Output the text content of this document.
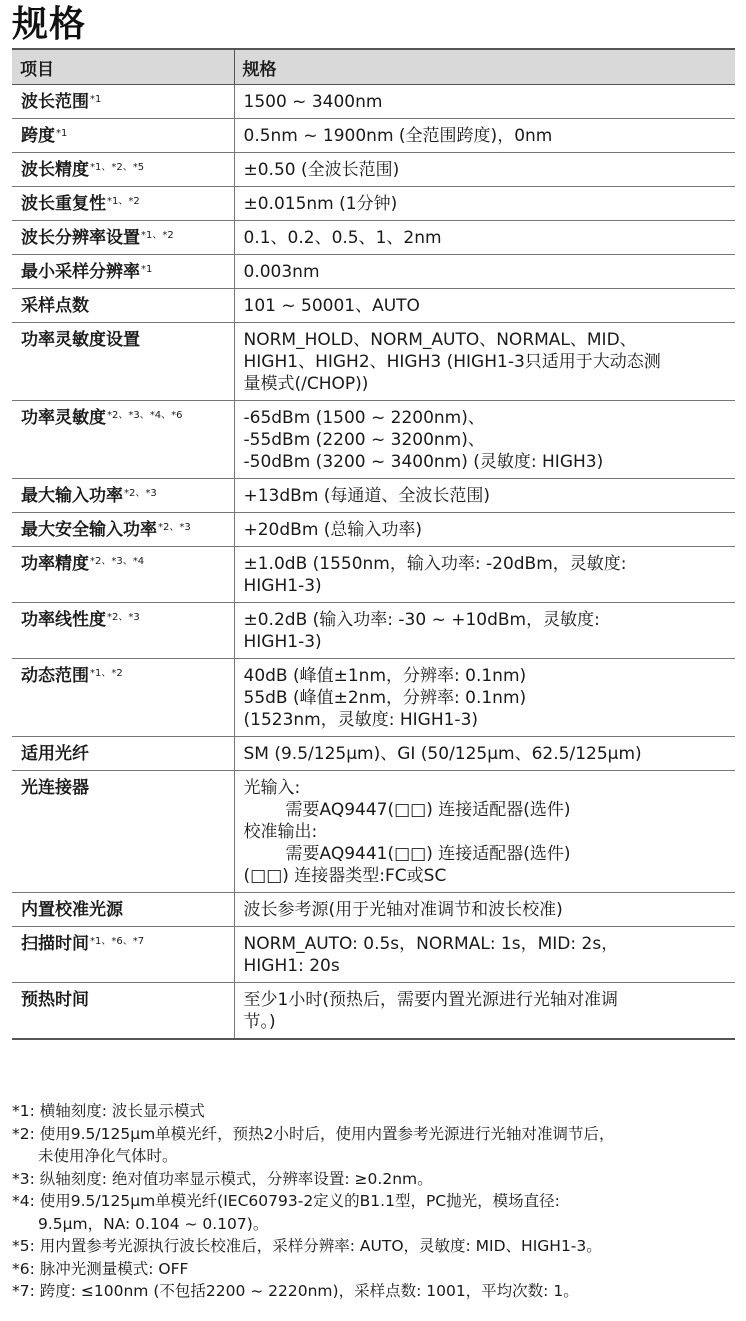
规格
项目	规格
波长范围$^{*1}$	1500 ~ 3400nm

跨度$^{*1}$	0.5nm ~ 1900nm (全范围跨度)，0nm

波长精度$^{*1、*2、*5}$	±0.50 (全波长范围)

波长重复性$^{*1、*2}$	±0.015nm (1分钟)

波长分辨率设置$^{*1、*2}$	0.1、0.2、0.5、1、2nm

最小采样分辨率$^{*1}$	0.003nm

采样点数	101 ~ 50001、AUTO

功率灵敏度设置	NORM_HOLD、NORM_AUTO、NORMAL、MID、
HIGH1、HIGH2、HIGH3 (HIGH1-3只适用于大动态测
量模式(/CHOP))

功率灵敏度$^{*2、*3、*4、*6}$	-65dBm (1500 ~ 2200nm)、
-55dBm (2200 ~ 3200nm)、
-50dBm (3200 ~ 3400nm) (灵敏度: HIGH3)

最大输入功率$^{*2、*3}$	+13dBm (每通道、全波长范围)

最大安全输入功率$^{*2、*3}$	+20dBm (总输入功率)

功率精度$^{*2、*3、*4}$	±1.0dB (1550nm，输入功率: -20dBm，灵敏度:
HIGH1-3)

功率线性度$^{*2、*3}$	±0.2dB (输入功率: -30 ~ +10dBm，灵敏度:
HIGH1-3)

动态范围$^{*1、*2}$	40dB (峰值±1nm，分辨率: 0.1nm)
55dB (峰值±2nm，分辨率: 0.1nm)
(1523nm，灵敏度: HIGH1-3)

适用光纤	SM (9.5/125μm)、GI (50/125μm、62.5/125μm)

光连接器	光输入:
需要AQ9447(□□) 连接适配器(选件)
校准输出:
需要AQ9441(□□) 连接适配器(选件)
(□□) 连接器类型:FC或SC

内置校准光源	波长参考源(用于光轴对准调节和波长校准)

扫描时间$^{*1、*6、*7}$	NORM_AUTO: 0.5s，NORMAL: 1s，MID: 2s，
HIGH1: 20s

预热时间	至少1小时(预热后，需要内置光源进行光轴对准调
节。)
*1: 横轴刻度: 波长显示模式
*2: 使用9.5/125μm单模光纤，预热2小时后，使用内置参考光源进行光轴对准调节后，
未使用净化气体时。
*3: 纵轴刻度: 绝对值功率显示模式，分辨率设置: ≥0.2nm。
*4: 使用9.5/125μm单模光纤(IEC60793-2定义的B1.1型，PC抛光，模场直径:
9.5μm，NA: 0.104 ~ 0.107)。
*5: 用内置参考光源执行波长校准后，采样分辨率: AUTO，灵敏度: MID、HIGH1-3。
*6: 脉冲光测量模式: OFF
*7: 跨度: ≤100nm (不包括2200 ~ 2220nm)，采样点数: 1001，平均次数: 1。
